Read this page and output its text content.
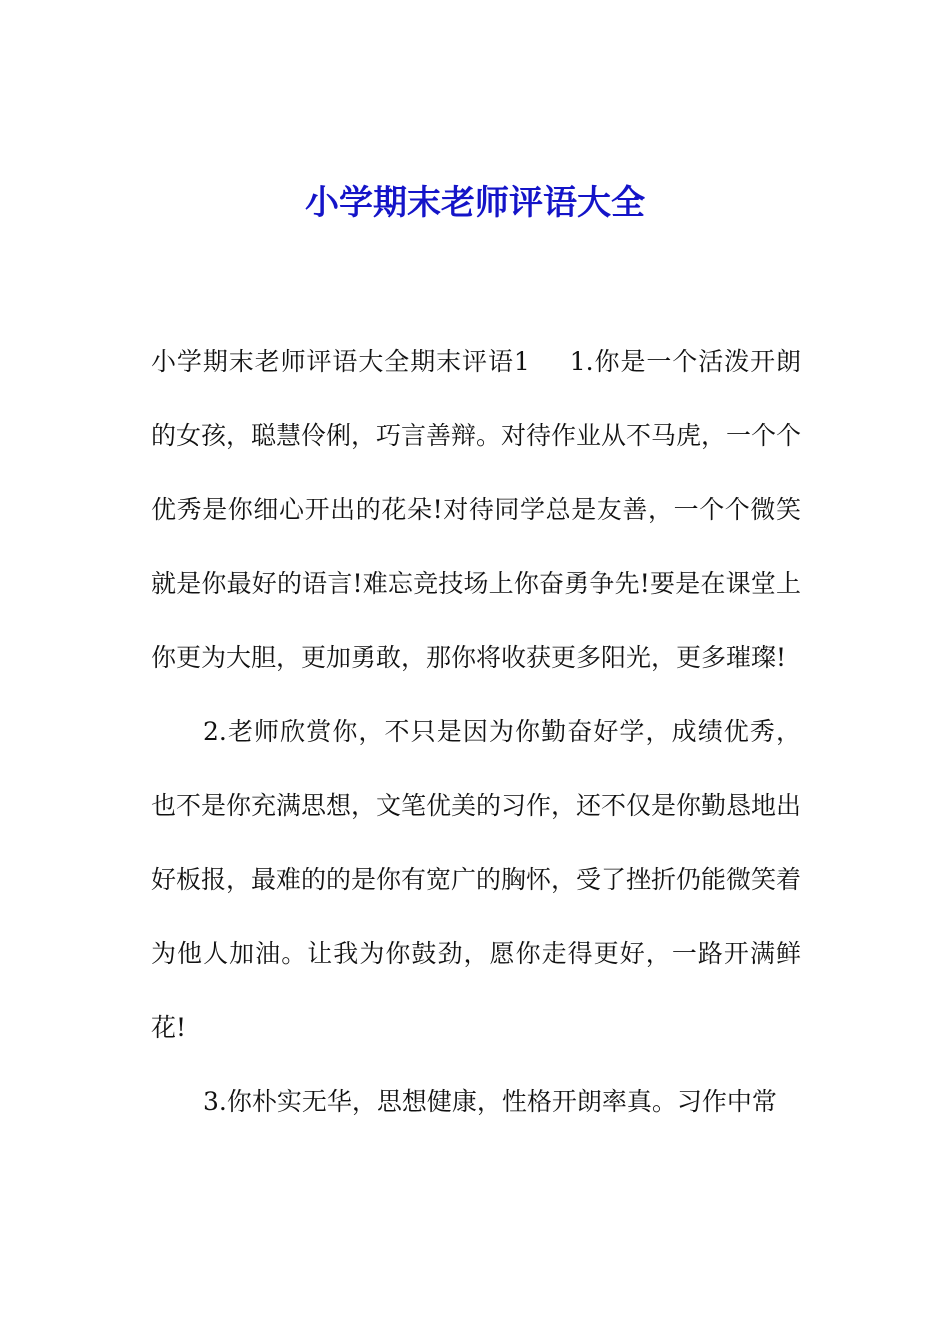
小学期末老师评语大全

小学期末老师评语大全期末评语1 1.你是一个活泼开朗的女孩，聪慧伶俐，巧言善辩。对待作业从不马虎，一个个优秀是你细心开出的花朵!对待同学总是友善，一个个微笑就是你最好的语言!难忘竞技场上你奋勇争先!要是在课堂上你更为大胆，更加勇敢，那你将收获更多阳光，更多璀璨!

2.老师欣赏你，不只是因为你勤奋好学，成绩优秀，也不是你充满思想，文笔优美的习作，还不仅是你勤恳地出好板报，最难的的是你有宽广的胸怀，受了挫折仍能微笑着为他人加油。让我为你鼓劲，愿你走得更好，一路开满鲜花!

3.你朴实无华，思想健康，性格开朗率真。习作中常
